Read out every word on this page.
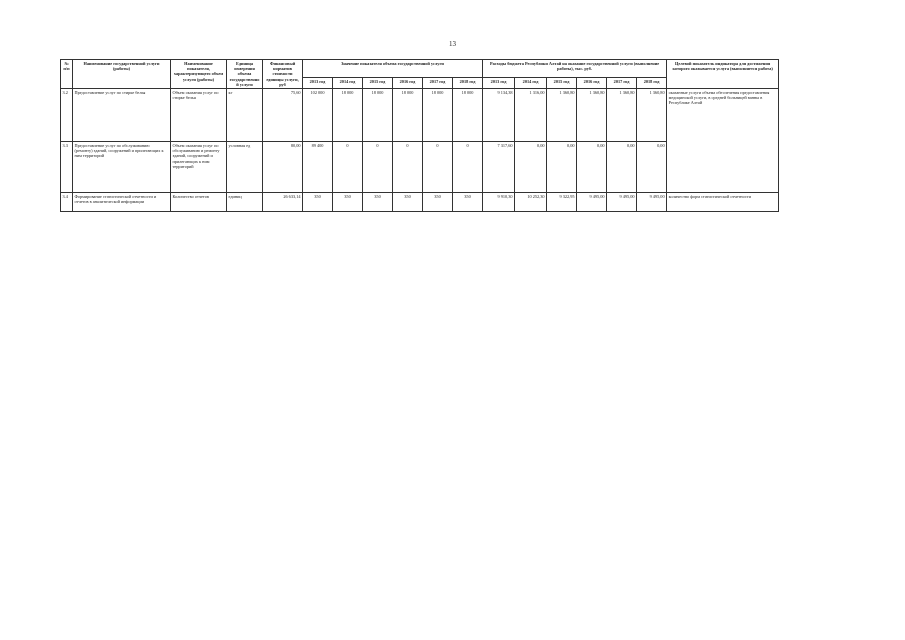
13
№ п/п	Наименование государственной услуги (работы)	Наименование показателя, характеризующего объем услуги (работы)	Единица измерения объема государственной услуги	Финансовый норматив стоимости единицы услуги, руб	Значение показателя объема государственной услуги						Расходы бюджета Республики Алтай на оказание государственной услуги (выполнение работы), тыс. руб.						Целевой показатель индикатора для достижения которого оказывается услуга (выполняется работа)
					2013 год	2014 год	2015 год	2016 год	2017 год	2018 год	2013 год	2014 год	2015 год	2016 год	2017 год	2018 год	
3.2	Предоставление услуг по стирке белья	Объем оказания услуг по стирке белья	кг	75,60	102 000	18 000	18 000	18 000	18 000	18 000	9 134,38	1 316,00	1 360,80	1 360,80	1 360,80	1 360,80	оказанные услуги объема обеспечения предоставления медицинской услуги, в средней больницей ванны в Республике Алтай
3.3	Предоставление услуг по обслуживанию (ремонту) зданий, сооружений и прилегающих к ним территорий	Объем оказания услуг по обслуживанию и ремонту зданий, сооружений и прилегающих к ним территорий	условная ед	80,00	89 400	0	0	0	0	0	7 317,60	0,00	0,00	0,00	0,00	0,00	
3.4	Формирование статистической отчетности и отчетов в аналитической информации	Количество отчетов	единиц	26 633,14	350	350	350	350	350	350	9 910,30	10 252,30	9 322,95	9 495,00	9 495,00	9 495,00	количество форм статистической отчетности
